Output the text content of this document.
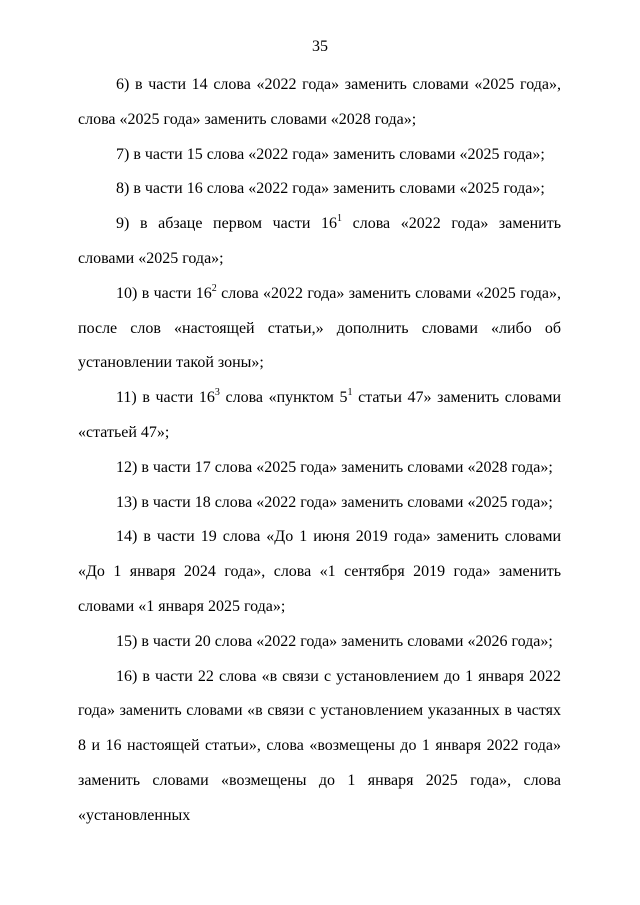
35

6) в части 14 слова «2022 года» заменить словами «2025 года», слова «2025 года» заменить словами «2028 года»;

7) в части 15 слова «2022 года» заменить словами «2025 года»;

8) в части 16 слова «2022 года» заменить словами «2025 года»;

9) в абзаце первом части $16^1$ слова «2022 года» заменить словами «2025 года»;

10) в части $16^2$ слова «2022 года» заменить словами «2025 года», после слов «настоящей статьи,» дополнить словами «либо об установлении такой зоны»;

11) в части $16^3$ слова «пунктом $5^1$ статьи 47» заменить словами «статьей 47»;

12) в части 17 слова «2025 года» заменить словами «2028 года»;

13) в части 18 слова «2022 года» заменить словами «2025 года»;

14) в части 19 слова «До 1 июня 2019 года» заменить словами «До 1 января 2024 года», слова «1 сентября 2019 года» заменить словами «1 января 2025 года»;

15) в части 20 слова «2022 года» заменить словами «2026 года»;

16) в части 22 слова «в связи с установлением до 1 января 2022 года» заменить словами «в связи с установлением указанных в частях 8 и 16 настоящей статьи», слова «возмещены до 1 января 2022 года» заменить словами «возмещены до 1 января 2025 года», слова «установленных
